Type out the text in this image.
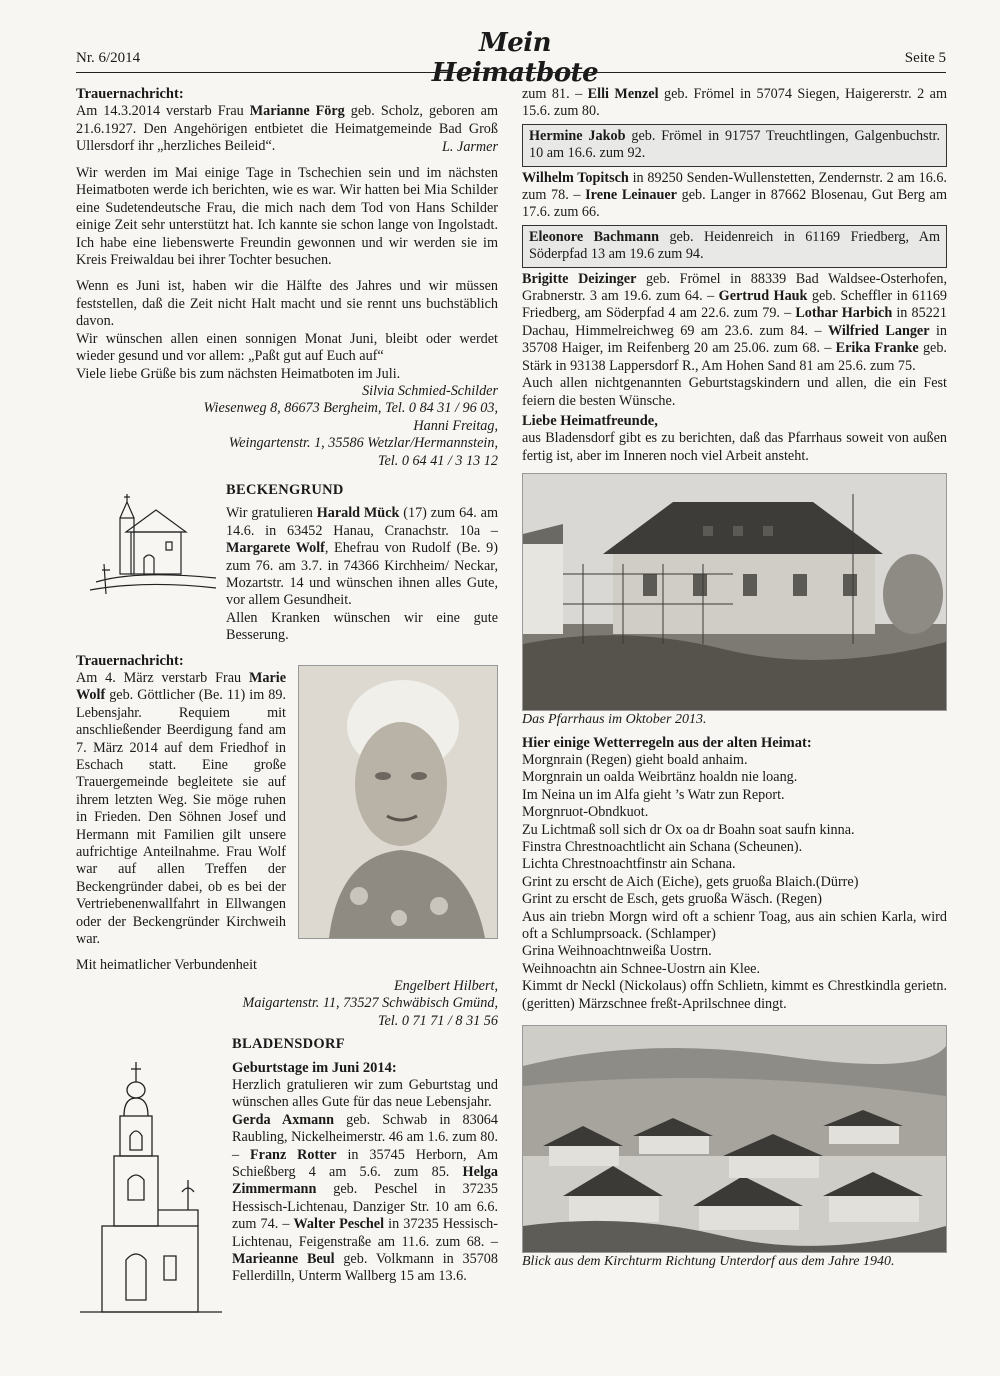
Nr. 6/2014	Mein Heimatbote	Seite 5

Trauernachricht:

Am 14.3.2014 verstarb Frau Marianne Förg geb. Scholz, geboren am 21.6.1927. Den Angehörigen entbietet die Heimatgemeinde Bad Groß Ullersdorf ihr „herzliches Beileid“.	L. Jarmer

Wir werden im Mai einige Tage in Tschechien sein und im nächsten Heimatboten werde ich berichten, wie es war. Wir hatten bei Mia Schilder eine Sudetendeutsche Frau, die mich nach dem Tod von Hans Schilder einige Zeit sehr unterstützt hat. Ich kannte sie schon lange von Ingolstadt. Ich habe eine liebenswerte Freundin gewonnen und wir werden sie im Kreis Freiwaldau bei ihrer Tochter besuchen.

Wenn es Juni ist, haben wir die Hälfte des Jahres und wir müssen feststellen, daß die Zeit nicht Halt macht und sie rennt uns buchstäblich davon.

Wir wünschen allen einen sonnigen Monat Juni, bleibt oder werdet wieder gesund und vor allem: „Paßt gut auf Euch auf“

Viele liebe Grüße bis zum nächsten Heimatboten im Juli.

Silvia Schmied-Schilder

Wiesenweg 8, 86673 Bergheim, Tel. 0 84 31 / 96 03,

Hanni Freitag,

Weingartenstr. 1, 35586 Wetzlar/Hermannstein,

Tel. 0 64 41 / 3 13 12

BECKENGRUND

Wir gratulieren Harald Mück (17) zum 64. am 14.6. in 63452 Hanau, Cranachstr. 10a – Margarete Wolf, Ehefrau von Rudolf (Be. 9) zum 76. am 3.7. in 74366 Kirchheim/ Neckar, Mozartstr. 14 und wünschen ihnen alles Gute, vor allem Gesundheit.

Allen Kranken wünschen wir eine gute Besserung.

Trauernachricht:

Am 4. März verstarb Frau Marie Wolf geb. Göttlicher (Be. 11) im 89. Lebensjahr. Requiem mit anschließender Beerdigung fand am 7. März 2014 auf dem Friedhof in Eschach statt. Eine große Trauergemeinde begleitete sie auf ihrem letzten Weg. Sie möge ruhen in Frieden. Den Söhnen Josef und Hermann mit Familien gilt unsere aufrichtige Anteilnahme. Frau Wolf war auf allen Treffen der Beckengründer dabei, ob es bei der Vertriebenenwallfahrt in Ellwangen oder der Beckengründer Kirchweih war.

Mit heimatlicher Verbundenheit

Engelbert Hilbert,

Maigartenstr. 11, 73527 Schwäbisch Gmünd,

Tel. 0 71 71 / 8 31 56

BLADENSDORF

Geburtstage im Juni 2014:

Herzlich gratulieren wir zum Geburtstag und wünschen alles Gute für das neue Lebensjahr.

Gerda Axmann geb. Schwab in 83064 Raubling, Nickelheimerstr. 46 am 1.6. zum 80. – Franz Rotter in 35745 Herborn, Am Schießberg 4 am 5.6. zum 85. Helga Zimmermann geb. Peschel in 37235 Hessisch-Lichtenau, Danziger Str. 10 am 6.6. zum 74. – Walter Peschel in 37235 Hessisch-Lichtenau, Feigenstraße am 11.6. zum 68. – Marieanne Beul geb. Volkmann in 35708 Fellerdilln, Unterm Wallberg 15 am 13.6.

zum 81. – Elli Menzel geb. Frömel in 57074 Siegen, Haigererstr. 2 am 15.6. zum 80.

Hermine Jakob geb. Frömel in 91757 Treuchtlingen, Galgenbuchstr. 10 am 16.6. zum 92.

Wilhelm Topitsch in 89250 Senden-Wullenstetten, Zendernstr. 2 am 16.6. zum 78. – Irene Leinauer geb. Langer in 87662 Blosenau, Gut Berg am 17.6. zum 66.

Eleonore Bachmann geb. Heidenreich in 61169 Friedberg, Am Söderpfad 13 am 19.6 zum 94.

Brigitte Deizinger geb. Frömel in 88339 Bad Waldsee-Osterhofen, Grabnerstr. 3 am 19.6. zum 64. – Gertrud Hauk geb. Scheffler in 61169 Friedberg, am Söderpfad 4 am 22.6. zum 79. – Lothar Harbich in 85221 Dachau, Himmelreichweg 69 am 23.6. zum 84. – Wilfried Langer in 35708 Haiger, im Reifenberg 20 am 25.06. zum 68. – Erika Franke geb. Stärk in 93138 Lappersdorf R., Am Hohen Sand 81 am 25.6. zum 75.

Auch allen nichtgenannten Geburtstagskindern und allen, die ein Fest feiern die besten Wünsche.

Liebe Heimatfreunde,

aus Bladensdorf gibt es zu berichten, daß das Pfarrhaus soweit von außen fertig ist, aber im Inneren noch viel Arbeit ansteht.

Das Pfarrhaus im Oktober 2013.

Hier einige Wetterregeln aus der alten Heimat:

Morgnrain (Regen) gieht boald anhaim.

Morgnrain un oalda Weibrtänz hoaldn nie loang.

Im Neina un im Alfa gieht ’s Watr zun Report.

Morgnruot-Obndkuot.

Zu Lichtmaß soll sich dr Ox oa dr Boahn soat saufn kinna.

Finstra Chrestnoachtlicht ain Schana (Scheunen).

Lichta Chrestnoachtfinstr ain Schana.

Grint zu erscht de Aich (Eiche), gets gruoßa Blaich.(Dürre)

Grint zu erscht de Esch, gets gruoßa Wäsch. (Regen)

Aus ain triebn Morgn wird oft a schienr Toag, aus ain schien Karla, wird oft a Schlumprsoack. (Schlamper)

Grina Weihnoachtnweißa Uostrn.

Weihnoachtn ain Schnee-Uostrn ain Klee.

Kimmt dr Neckl (Nickolaus) offn Schlietn, kimmt es Chrestkindla gerietn. (geritten) Märzschnee freßt-Aprilschnee dingt.

Blick aus dem Kirchturm Richtung Unterdorf aus dem Jahre 1940.
